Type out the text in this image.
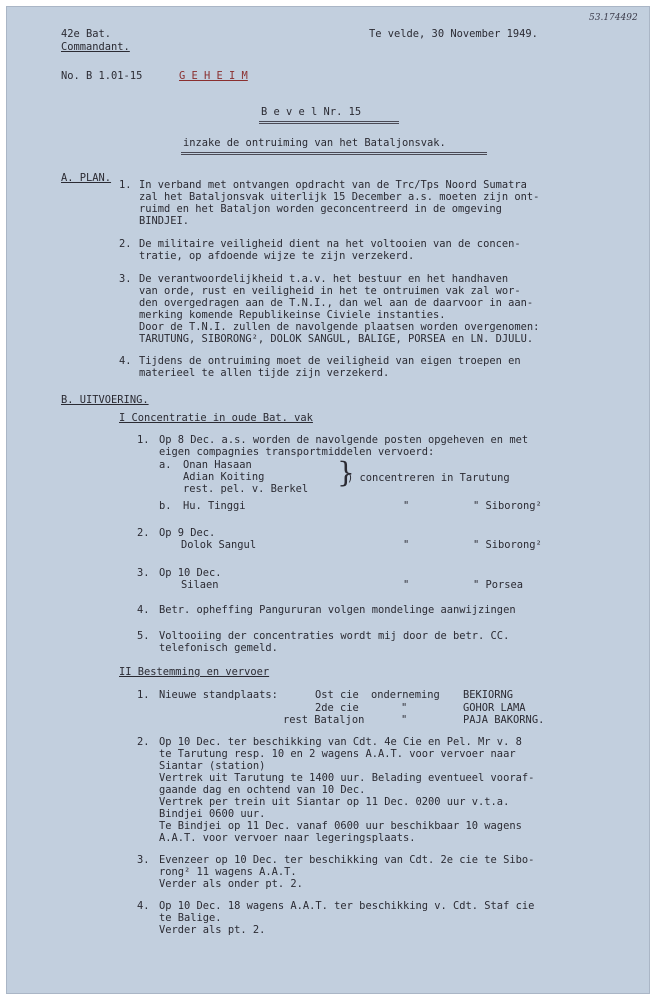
42e Bat.
Commandant.
Te velde, 30 November 1949.
53.174492
No. B 1.01-15	G E H E I M
B e v e l Nr. 15
inzake de ontruiming van het Bataljonsvak.
A. PLAN.
1. In verband met ontvangen opdracht van de Trc/Tps Noord Sumatra
zal het Bataljonsvak uiterlijk 15 December a.s. moeten zijn ont-
ruimd en het Bataljon worden geconcentreerd in de omgeving
BINDJEI.
2. De militaire veiligheid dient na het voltooien van de concen-
tratie, op afdoende wijze te zijn verzekerd.
3. De verantwoordelijkheid t.a.v. het bestuur en het handhaven
van orde, rust en veiligheid in het te ontruimen vak zal wor-
den overgedragen aan de T.N.I., dan wel aan de daarvoor in aan-
merking komende Republikeinse Civiele instanties.
Door de T.N.I. zullen de navolgende plaatsen worden overgenomen:
TARUTUNG, SIBORONG², DOLOK SANGUL, BALIGE, PORSEA en LN. DJULU.
4. Tijdens de ontruiming moet de veiligheid van eigen troepen en
materieel te allen tijde zijn verzekerd.
B. UITVOERING.
I Concentratie in oude Bat. vak
1. Op 8 Dec. a.s. worden de navolgende posten opgeheven en met
eigen compagnies transportmiddelen vervoerd:
a. Onan Hasaan
Adian Koiting
rest. pel. v. Berkel }
) concentreren in Tarutung
b. Hu. Tinggi	"	" Siborong²
2. Op 9 Dec.
Dolok Sangul	"	" Siborong²
3. Op 10 Dec.
Silaen	"	" Porsea
4. Betr. opheffing Pangururan volgen mondelinge aanwijzingen
5. Voltooiing der concentraties wordt mij door de betr. CC.
telefonisch gemeld.
II Bestemming en vervoer
1. Nieuwe standplaats:	Ost cie onderneming BEKIORNG
2de cie	"	GOHOR LAMA
rest Bataljon	"	PAJA BAKORNG.
2. Op 10 Dec. ter beschikking van Cdt. 4e Cie en Pel. Mr v. 8
te Tarutung resp. 10 en 2 wagens A.A.T. voor vervoer naar
Siantar (station)
Vertrek uit Tarutung te 1400 uur. Belading eventueel vooraf-
gaande dag en ochtend van 10 Dec.
Vertrek per trein uit Siantar op 11 Dec. 0200 uur v.t.a.
Bindjei 0600 uur.
Te Bindjei op 11 Dec. vanaf 0600 uur beschikbaar 10 wagens
A.A.T. voor vervoer naar legeringsplaats.
3. Evenzeer op 10 Dec. ter beschikking van Cdt. 2e cie te Sibo-
rong² 11 wagens A.A.T.
Verder als onder pt. 2.
4. Op 10 Dec. 18 wagens A.A.T. ter beschikking v. Cdt. Staf cie
te Balige.
Verder als pt. 2.
